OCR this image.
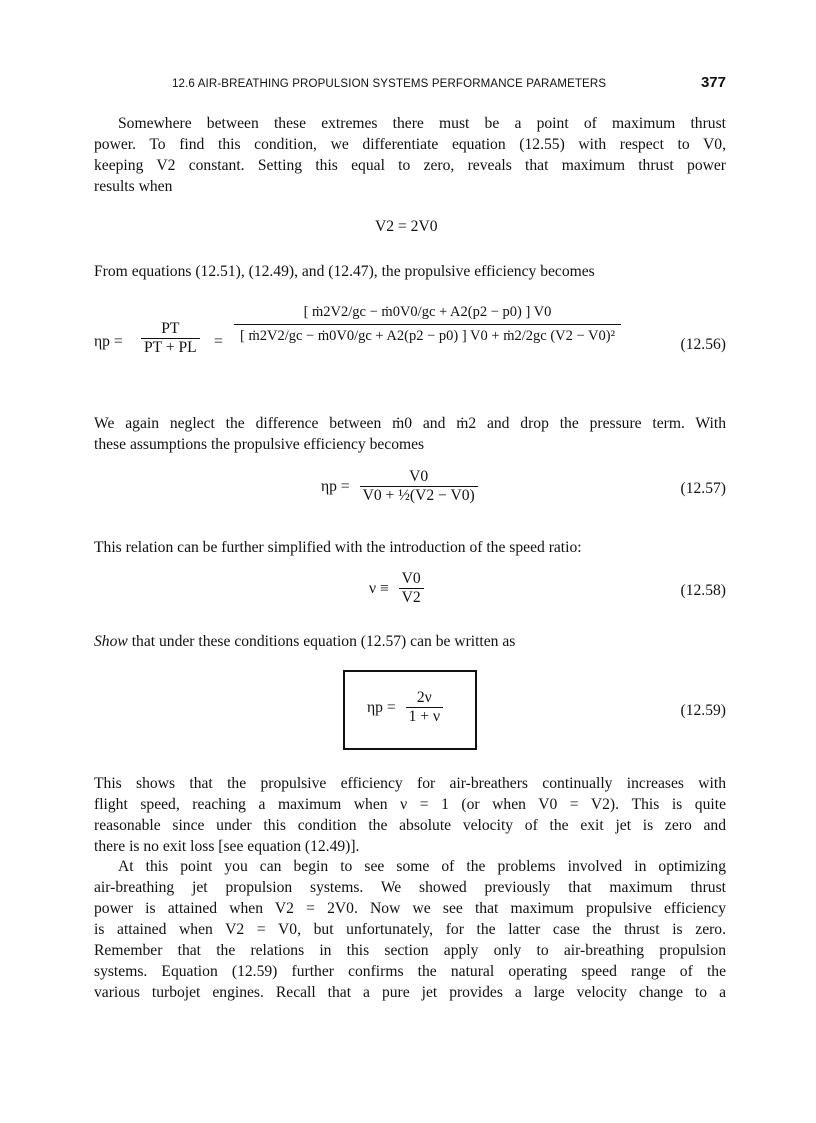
12.6 AIR-BREATHING PROPULSION SYSTEMS PERFORMANCE PARAMETERS	377
Somewhere between these extremes there must be a point of maximum thrust
power. To find this condition, we differentiate equation (12.55) with respect to V0,
keeping V2 constant. Setting this equal to zero, reveals that maximum thrust power
results when
V2 = 2V0
From equations (12.51), (12.49), and (12.47), the propulsive efficiency becomes
$\eta p = \frac{PT}{PT + PL} = \frac{\text{[ ṁ2V2/gc − ṁ0V0/gc + A2(p2 − p0) ] V0}}{\text{[ ṁ2V2/gc − ṁ0V0/gc + A2(p2 − p0) ] V0 + ṁ2/2gc (V2 − V0)²}}$	(12.56)
We again neglect the difference between ṁ0 and ṁ2 and drop the pressure term. With
these assumptions the propulsive efficiency becomes
$\eta p = \frac{V0}{\text{V0 + ½(V2 − V0)}}$	(12.57)
This relation can be further simplified with the introduction of the speed ratio:
$\nu \equiv \frac{V0}{V2}$	(12.58)
Show that under these conditions equation (12.57) can be written as
$\eta p = \frac{2\nu}{1 + \nu}$	(12.59)
This shows that the propulsive efficiency for air-breathers continually increases with
flight speed, reaching a maximum when ν = 1 (or when V0 = V2). This is quite
reasonable since under this condition the absolute velocity of the exit jet is zero and
there is no exit loss [see equation (12.49)].
At this point you can begin to see some of the problems involved in optimizing
air-breathing jet propulsion systems. We showed previously that maximum thrust
power is attained when V2 = 2V0. Now we see that maximum propulsive efficiency
is attained when V2 = V0, but unfortunately, for the latter case the thrust is zero.
Remember that the relations in this section apply only to air-breathing propulsion
systems. Equation (12.59) further confirms the natural operating speed range of the
various turbojet engines. Recall that a pure jet provides a large velocity change to a
